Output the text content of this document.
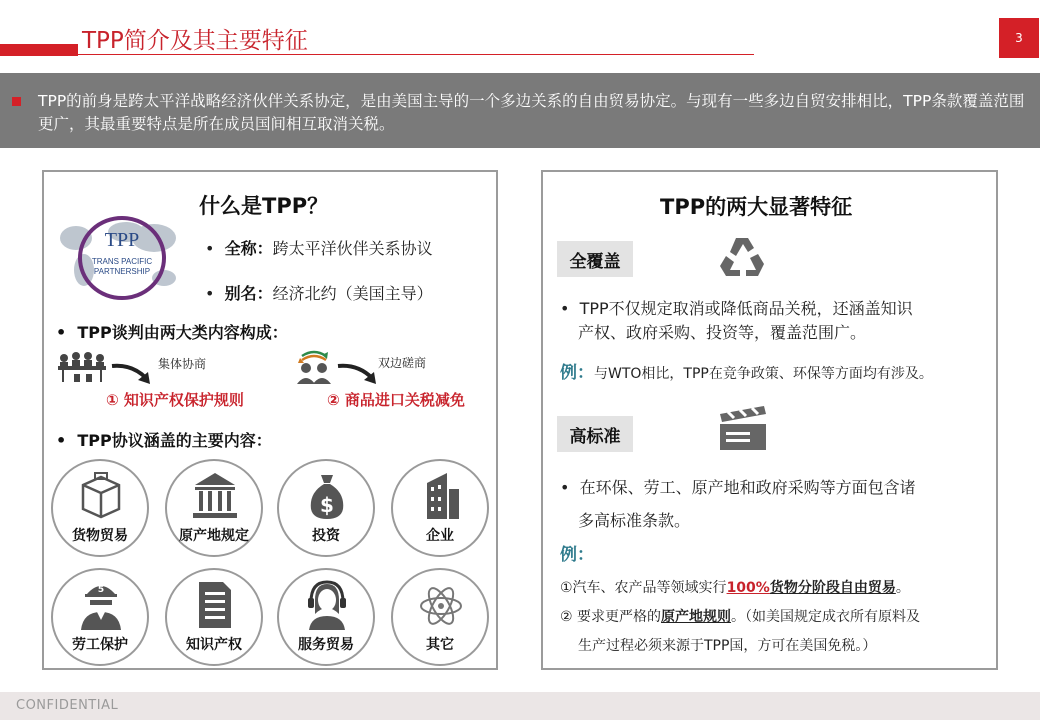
TPP简介及其主要特征	3
TPP的前身是跨太平洋战略经济伙伴关系协定，是由美国主导的一个多边关系的自由贸易协定。与现有一些多边自贸安排相比，TPP条款覆盖范围更广，其最重要特点是所在成员国间相互取消关税。
TPP
TRANS PACIFIC
PARTNERSHIP
什么是TPP？
•  全称：跨太平洋伙伴关系协议
•  别名：经济北约（美国主导）
•  TPP谈判由两大类内容构成：
集体协商
① 知识产权保护规则
双边磋商
② 商品进口关税减免
•  TPP协议涵盖的主要内容：
货物贸易	原产地规定
$
投资	企业
5
劳工保护	知识产权	服务贸易	其它
TPP的两大显著特征
全覆盖
•  TPP不仅规定取消或降低商品关税，还涵盖知识
产权、政府采购、投资等，覆盖范围广。
例：与WTO相比，TPP在竞争政策、环保等方面均有涉及。
高标准
•  在环保、劳工、原产地和政府采购等方面包含诸
多高标准条款。
例：
①汽车、农产品等领域实行100%货物分阶段自由贸易。
② 要求更严格的原产地规则。（如美国规定成衣所有原料及
生产过程必须来源于TPP国，方可在美国免税。）
CONFIDENTIAL
